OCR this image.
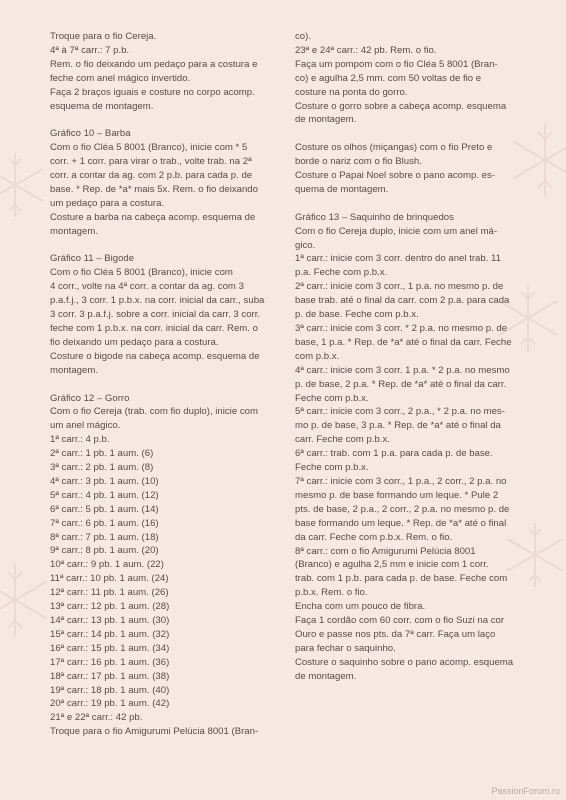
Troque para o fio Cereja.

4ª à 7ª carr.: 7 p.b.

Rem. o fio deixando um pedaço para a costura e

feche com anel mágico invertido.

Faça 2 braços iguais e costure no corpo acomp.

esquema de montagem.

Gráfico 10 – Barba

Com o fio Cléa 5 8001 (Branco), inicie com * 5

corr. + 1 corr. para virar o trab., volte trab. na 2ª

corr. a contar da ag. com 2 p.b. para cada p. de

base. * Rep. de *a* mais 5x. Rem. o fio deixando

um pedaço para a costura.

Costure a barba na cabeça acomp. esquema de

montagem.

Gráfico 11 – Bigode

Com o fio Cléa 5 8001 (Branco), inicie com

4 corr., volte na 4ª corr. a contar da ag. com 3

p.a.f.j., 3 corr. 1 p.b.x. na corr. inicial da carr., suba

3 corr. 3 p.a.f.j. sobre a corr. inicial da carr. 3 corr.

feche com 1 p.b.x. na corr. inicial da carr. Rem. o

fio deixando um pedaço para a costura.

Costure o bigode na cabeça acomp. esquema de

montagem.

Gráfico 12 – Gorro

Com o fio Cereja (trab. com fio duplo), inicie com

um anel mágico.

1ª carr.: 4 p.b.

2ª carr.: 1 pb. 1 aum. (6)

3ª carr.: 2 pb. 1 aum. (8)

4ª carr.: 3 pb. 1 aum. (10)

5ª carr.: 4 pb. 1 aum. (12)

6ª carr.: 5 pb. 1 aum. (14)

7ª carr.: 6 pb. 1 aum. (16)

8ª carr.: 7 pb. 1 aum. (18)

9ª carr.: 8 pb. 1 aum. (20)

10ª carr.: 9 pb. 1 aum. (22)

11ª carr.: 10 pb. 1 aum. (24)

12ª carr.: 11 pb. 1 aum. (26)

13ª carr.: 12 pb. 1 aum. (28)

14ª carr.: 13 pb. 1 aum. (30)

15ª carr.: 14 pb. 1 aum. (32)

16ª carr.: 15 pb. 1 aum. (34)

17ª carr.: 16 pb. 1 aum. (36)

18ª carr.: 17 pb. 1 aum. (38)

19ª carr.: 18 pb. 1 aum. (40)

20ª carr.: 19 pb. 1 aum. (42)

21ª e 22ª carr.: 42 pb.

Troque para o fio Amigurumi Pelúcia 8001 (Bran-

co).

23ª e 24ª carr.: 42 pb. Rem. o fio.

Faça um pompom com o fio Cléa 5 8001 (Bran-

co) e agulha 2,5 mm. com 50 voltas de fio e

costure na ponta do gorro.

Costure o gorro sobre a cabeça acomp. esquema

de montagem.

Costure os olhos (miçangas) com o fio Preto e

borde o nariz com o fio Blush.

Costure o Papai Noel sobre o pano acomp. es-

quema de montagem.

Gráfico 13 – Saquinho de brinquedos

Com o fio Cereja duplo, inicie com um anel má-

gico.

1ª carr.: inicie com 3 corr. dentro do anel trab. 11

p.a. Feche com p.b.x.

2ª carr.: inicie com 3 corr., 1 p.a. no mesmo p. de

base trab. até o final da carr. com 2 p.a. para cada

p. de base. Feche com p.b.x.

3ª carr.: inicie com 3 corr. * 2 p.a. no mesmo p. de

base, 1 p.a. * Rep. de *a* até o final da carr. Feche

com p.b.x.

4ª carr.: inicie com 3 corr. 1 p.a. * 2 p.a. no mesmo

p. de base, 2 p.a. * Rep. de *a* até o final da carr.

Feche com p.b.x.

5ª carr.: inicie com 3 corr., 2 p.a., * 2 p.a. no mes-

mo p. de base, 3 p.a. * Rep. de *a* até o final da

carr. Feche com p.b.x.

6ª carr.: trab. com 1 p.a. para cada p. de base.

Feche com p.b.x.

7ª carr.: inicie com 3 corr., 1 p.a., 2 corr., 2 p.a. no

mesmo p. de base formando um leque. * Pule 2

pts. de base, 2 p.a., 2 corr., 2 p.a. no mesmo p. de

base formando um leque. * Rep. de *a* até o final

da carr. Feche com p.b.x. Rem. o fio.

8ª carr.: com o fio Amigurumi Pelúcia 8001

(Branco) e agulha 2,5 mm e inicie com 1 corr.

trab. com 1 p.b. para cada p. de base. Feche com

p.b.x. Rem. o fio.

Encha com um pouco de fibra.

Faça 1 cordão com 60 corr. com o fio Suzi na cor

Ouro e passe nos pts. da 7ª carr. Faça um laço

para fechar o saquinho.

Costure o saquinho sobre o pano acomp. esquema

de montagem.

PassionForum.ru
